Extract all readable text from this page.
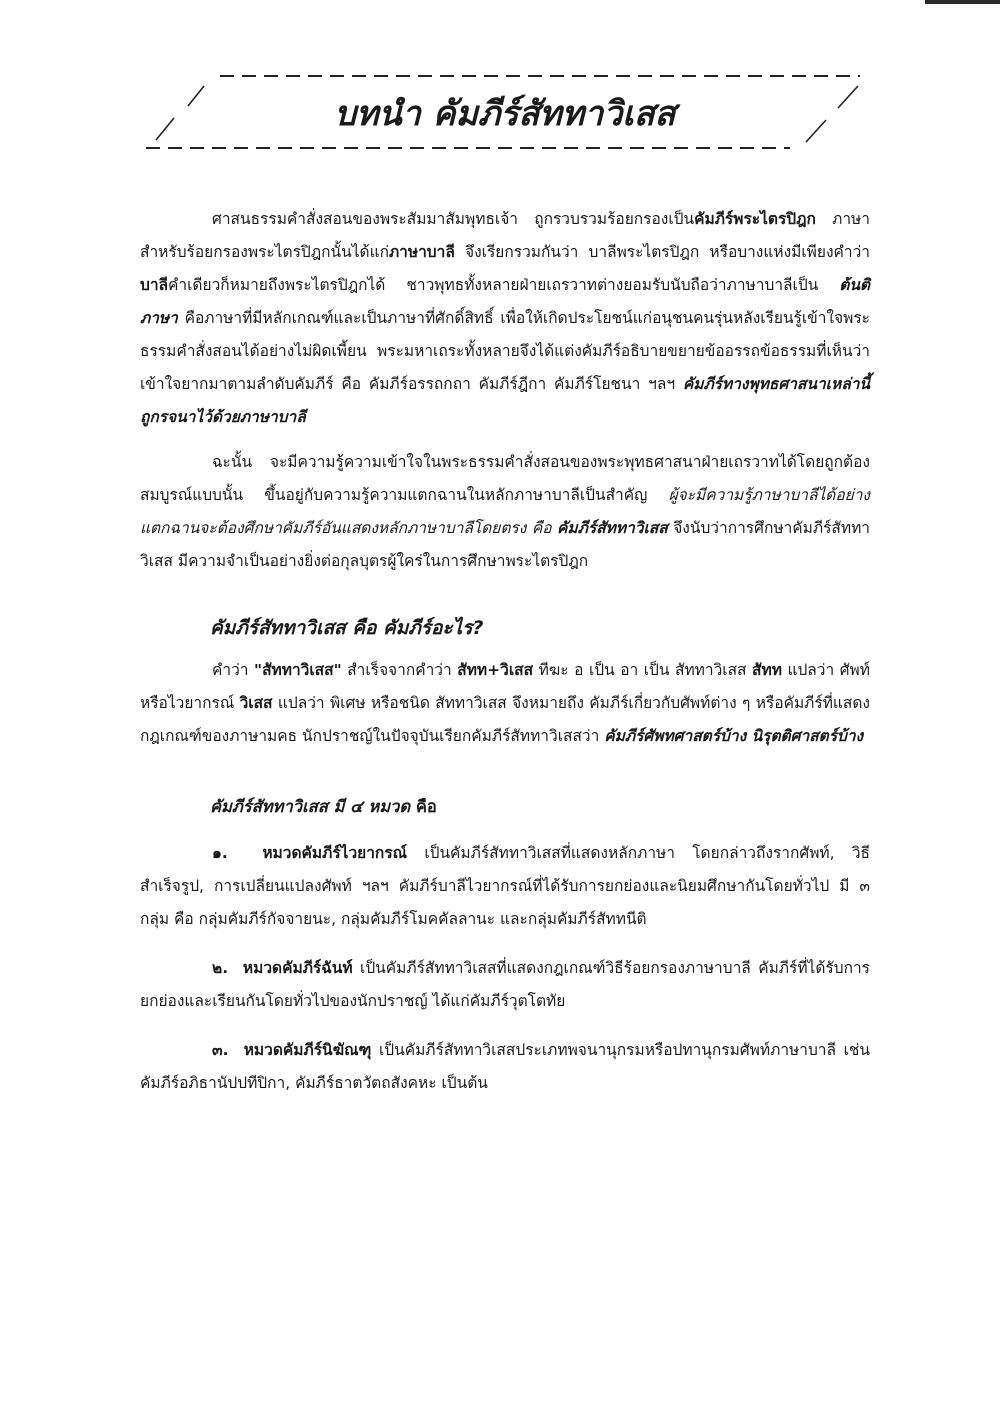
บทนำ คัมภีร์สัททาวิเสส

ศาสนธรรมคำสั่งสอนของพระสัมมาสัมพุทธเจ้า ถูกรวบรวมร้อยกรองเป็นคัมภีร์พระไตรปิฎก ภาษาสำหรับร้อยกรองพระไตรปิฎกนั้นได้แก่ภาษาบาลี จึงเรียกรวมกันว่า บาลีพระไตรปิฎก หรือบางแห่งมีเพียงคำว่า บาลีคำเดียวก็หมายถึงพระไตรปิฎกได้ ชาวพุทธทั้งหลายฝ่ายเถรวาทต่างยอมรับนับถือว่าภาษาบาลีเป็น ต้นติภาษา คือภาษาที่มีหลักเกณฑ์และเป็นภาษาที่ศักดิ์สิทธิ์ เพื่อให้เกิดประโยชน์แก่อนุชนคนรุ่นหลังเรียนรู้เข้าใจพระธรรมคำสั่งสอนได้อย่างไม่ผิดเพี้ยน พระมหาเถระทั้งหลายจึงได้แต่งคัมภีร์อธิบายขยายข้ออรรถข้อธรรมที่เห็นว่าเข้าใจยากมาตามลำดับคัมภีร์ คือ คัมภีร์อรรถกถา คัมภีร์ฎีกา คัมภีร์โยชนา ฯลฯ คัมภีร์ทางพุทธศาสนาเหล่านี้ถูกรจนาไว้ด้วยภาษาบาลี

ฉะนั้น จะมีความรู้ความเข้าใจในพระธรรมคำสั่งสอนของพระพุทธศาสนาฝ่ายเถรวาทได้โดยถูกต้องสมบูรณ์แบบนั้น ขึ้นอยู่กับความรู้ความแตกฉานในหลักภาษาบาลีเป็นสำคัญ ผู้จะมีความรู้ภาษาบาลีได้อย่างแตกฉานจะต้องศึกษาคัมภีร์อันแสดงหลักภาษาบาลีโดยตรง คือ คัมภีร์สัททาวิเสส จึงนับว่าการศึกษาคัมภีร์สัททาวิเสส มีความจำเป็นอย่างยิ่งต่อกุลบุตรผู้ใคร่ในการศึกษาพระไตรปิฎก

คัมภีร์สัททาวิเสส คือ คัมภีร์อะไร?

คำว่า "สัททาวิเสส" สำเร็จจากคำว่า สัทท+วิเสส ทีฆะ อ เป็น อา เป็น สัททาวิเสส สัทท แปลว่า ศัพท์หรือไวยากรณ์ วิเสส แปลว่า พิเศษ หรือชนิด สัททาวิเสส จึงหมายถึง คัมภีร์เกี่ยวกับศัพท์ต่าง ๆ หรือคัมภีร์ที่แสดงกฎเกณฑ์ของภาษามคธ นักปราชญ์ในปัจจุบันเรียกคัมภีร์สัททาวิเสสว่า คัมภีร์ศัพทศาสตร์บ้าง นิรุตติศาสตร์บ้าง

คัมภีร์สัททาวิเสส มี ๔ หมวด คือ

๑. หมวดคัมภีร์ไวยากรณ์ เป็นคัมภีร์สัททาวิเสสที่แสดงหลักภาษา โดยกล่าวถึงรากศัพท์, วิธีสำเร็จรูป, การเปลี่ยนแปลงศัพท์ ฯลฯ คัมภีร์บาลีไวยากรณ์ที่ได้รับการยกย่องและนิยมศึกษากันโดยทั่วไป มี ๓ กลุ่ม คือ กลุ่มคัมภีร์กัจจายนะ, กลุ่มคัมภีร์โมคคัลลานะ และกลุ่มคัมภีร์สัททนีติ

๒. หมวดคัมภีร์ฉันท์ เป็นคัมภีร์สัททาวิเสสที่แสดงกฎเกณฑ์วิธีร้อยกรองภาษาบาลี คัมภีร์ที่ได้รับการยกย่องและเรียนกันโดยทั่วไปของนักปราชญ์ ได้แก่คัมภีร์วุตโตทัย

๓. หมวดคัมภีร์นิฆัณฑุ เป็นคัมภีร์สัททาวิเสสประเภทพจนานุกรมหรือปทานุกรมศัพท์ภาษาบาลี เช่น คัมภีร์อภิธานัปปทีปิกา, คัมภีร์ธาตวัตถสังคหะ เป็นต้น
